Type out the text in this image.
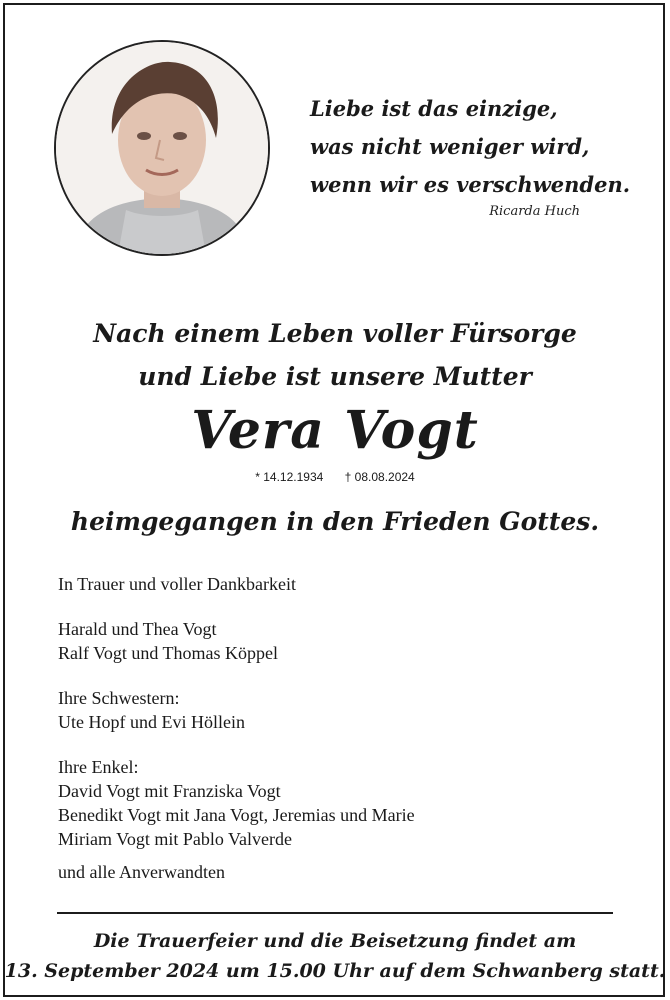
Liebe ist das einzige,
was nicht weniger wird,
wenn wir es verschwenden.
Ricarda Huch
Nach einem Leben voller Fürsorge
und Liebe ist unsere Mutter
Vera Vogt
* 14.12.1934 † 08.08.2024
heimgegangen in den Frieden Gottes.
In Trauer und voller Dankbarkeit
Harald und Thea Vogt
Ralf Vogt und Thomas Köppel
Ihre Schwestern:
Ute Hopf und Evi Höllein
Ihre Enkel:
David Vogt mit Franziska Vogt
Benedikt Vogt mit Jana Vogt, Jeremias und Marie
Miriam Vogt mit Pablo Valverde
und alle Anverwandten
Die Trauerfeier und die Beisetzung findet am
13. September 2024 um 15.00 Uhr auf dem Schwanberg statt.
